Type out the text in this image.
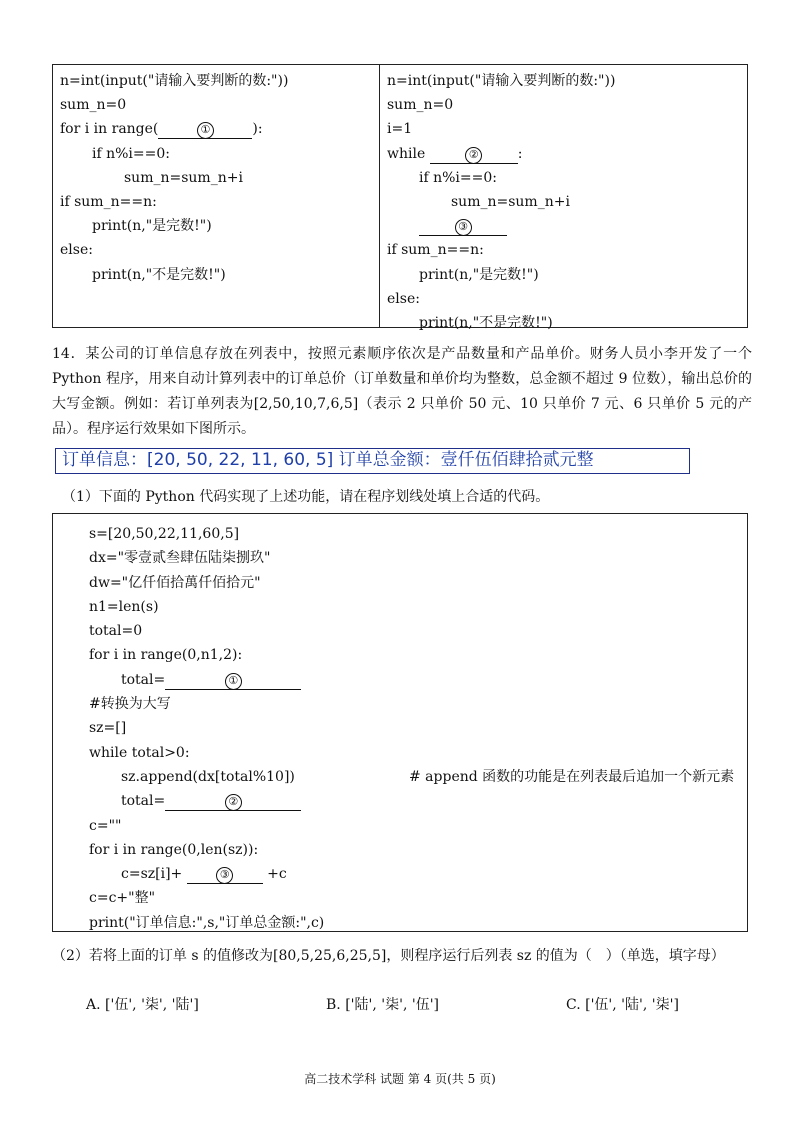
n=int(input("请输入要判断的数:"))
sum_n=0
for i in range(	①	):
if n%i==0:
sum_n=sum_n+i
if sum_n==n:
print(n,"是完数!")
else:
print(n,"不是完数!")
n=int(input("请输入要判断的数:"))
sum_n=0
i=1
while	②	:
if n%i==0:
sum_n=sum_n+i
③
if sum_n==n:
print(n,"是完数!")
else:
print(n,"不是完数!")
14．某公司的订单信息存放在列表中，按照元素顺序依次是产品数量和产品单价。财务人员小李开发了一个 Python 程序，用来自动计算列表中的订单总价（订单数量和单价均为整数，总金额不超过 9 位数），输出总价的大写金额。例如：若订单列表为[2,50,10,7,6,5]（表示 2 只单价 50 元、10 只单价 7 元、6 只单价 5 元的产品）。程序运行效果如下图所示。
订单信息：[20, 50, 22, 11, 60, 5] 订单总金额：壹仟伍佰肆拾贰元整
（1）下面的 Python 代码实现了上述功能，请在程序划线处填上合适的代码。
s=[20,50,22,11,60,5]
dx="零壹贰叁肆伍陆柒捌玖"
dw="亿仟佰拾萬仟佰拾元"
n1=len(s)
total=0
for i in range(0,n1,2):
total=	①
#转换为大写
sz=[]
while total>0:
sz.append(dx[total%10])	# append 函数的功能是在列表最后追加一个新元素
total=	②
c=""
for i in range(0,len(sz)):
c=sz[i]+	③ +c
c=c+"整"
print("订单信息:",s,"订单总金额:",c)
（2）若将上面的订单 s 的值修改为[80,5,25,6,25,5]，则程序运行后列表 sz 的值为（　）（单选，填字母）
A. ['伍', '柒', '陆']	B. ['陆', '柒', '伍']	C. ['伍', '陆', '柒']
高二技术学科 试题 第 4 页(共 5 页)
